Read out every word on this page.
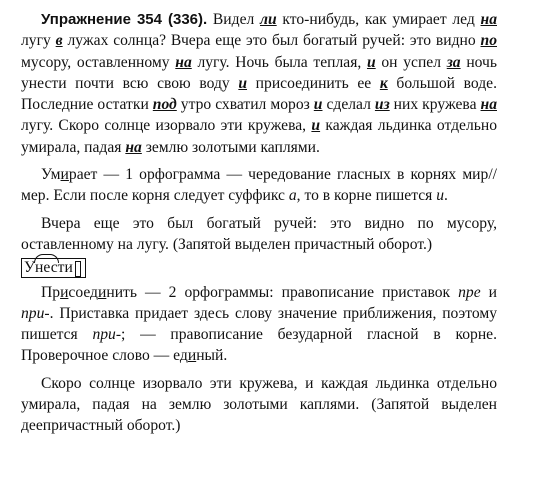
Упражнение 354 (336). Видел ли кто-нибудь, как умирает лед на лугу в лужах солнца? Вчера еще это был богатый ручей: это видно по мусору, оставленному на лугу. Ночь была теплая, и он успел за ночь унести почти всю свою воду и присоединить ее к большой воде. Последние остатки под утро схватил мороз и сделал из них кружева на лугу. Скоро солнце изорвало эти кружева, и каждая льдинка отдельно умирала, падая на землю золотыми каплями.

Умирает — 1 орфограмма — чередование гласных в корнях мир//мер. Если после корня следует суффикс а, то в корне пишется и.

Вчера еще это был богатый ручей: это видно по мусору, оставленному на лугу. (Запятой выделен причастный оборот.)

Унести

Присоединить — 2 орфограммы: правописание приставок пре и при-. Приставка придает здесь слову значение приближения, поэтому пишется при-; — правописание безударной гласной в корне. Проверочное слово — единый.

Скоро солнце изорвало эти кружева, и каждая льдинка отдельно умирала, падая на землю золотыми каплями. (Запятой выделен деепричастный оборот.)
